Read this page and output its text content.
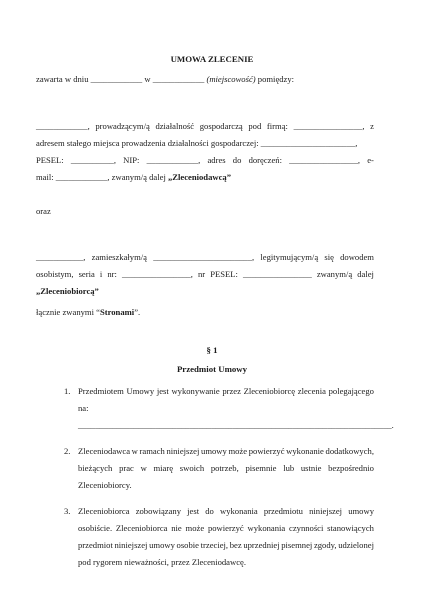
UMOWA ZLECENIE
zawarta w dniu ____________ w ____________ (miejscowość) pomiędzy:
____________, prowadzącym/ą działalność gospodarczą pod firmą: ________________, z
adresem stałego miejsca prowadzenia działalności gospodarczej: ______________________,
PESEL: __________, NIP: ____________, adres do doręczeń: ________________, e-
mail: ____________, zwanym/ą dalej „Zleceniodawcą”
oraz
___________, zamieszkałym/ą _______________________, legitymującym/ą się dowodem
osobistym, seria i nr: ________________, nr PESEL: ________________ zwanym/ą dalej
„Zleceniobiorcą”
łącznie zwanymi “Stronami”.
§ 1
Przedmiot Umowy
1. Przedmiotem Umowy jest wykonywanie przez Zleceniobiorcę zlecenia polegającego
na:
_________________________________________________________________________.
2. Zleceniodawca w ramach niniejszej umowy może powierzyć wykonanie dodatkowych,
bieżących prac w miarę swoich potrzeb, pisemnie lub ustnie bezpośrednio
Zleceniobiorcy.
3. Zleceniobiorca zobowiązany jest do wykonania przedmiotu niniejszej umowy
osobiście. Zleceniobiorca nie może powierzyć wykonania czynności stanowiących
przedmiot niniejszej umowy osobie trzeciej, bez uprzedniej pisemnej zgody, udzielonej
pod rygorem nieważności, przez Zleceniodawcę.
